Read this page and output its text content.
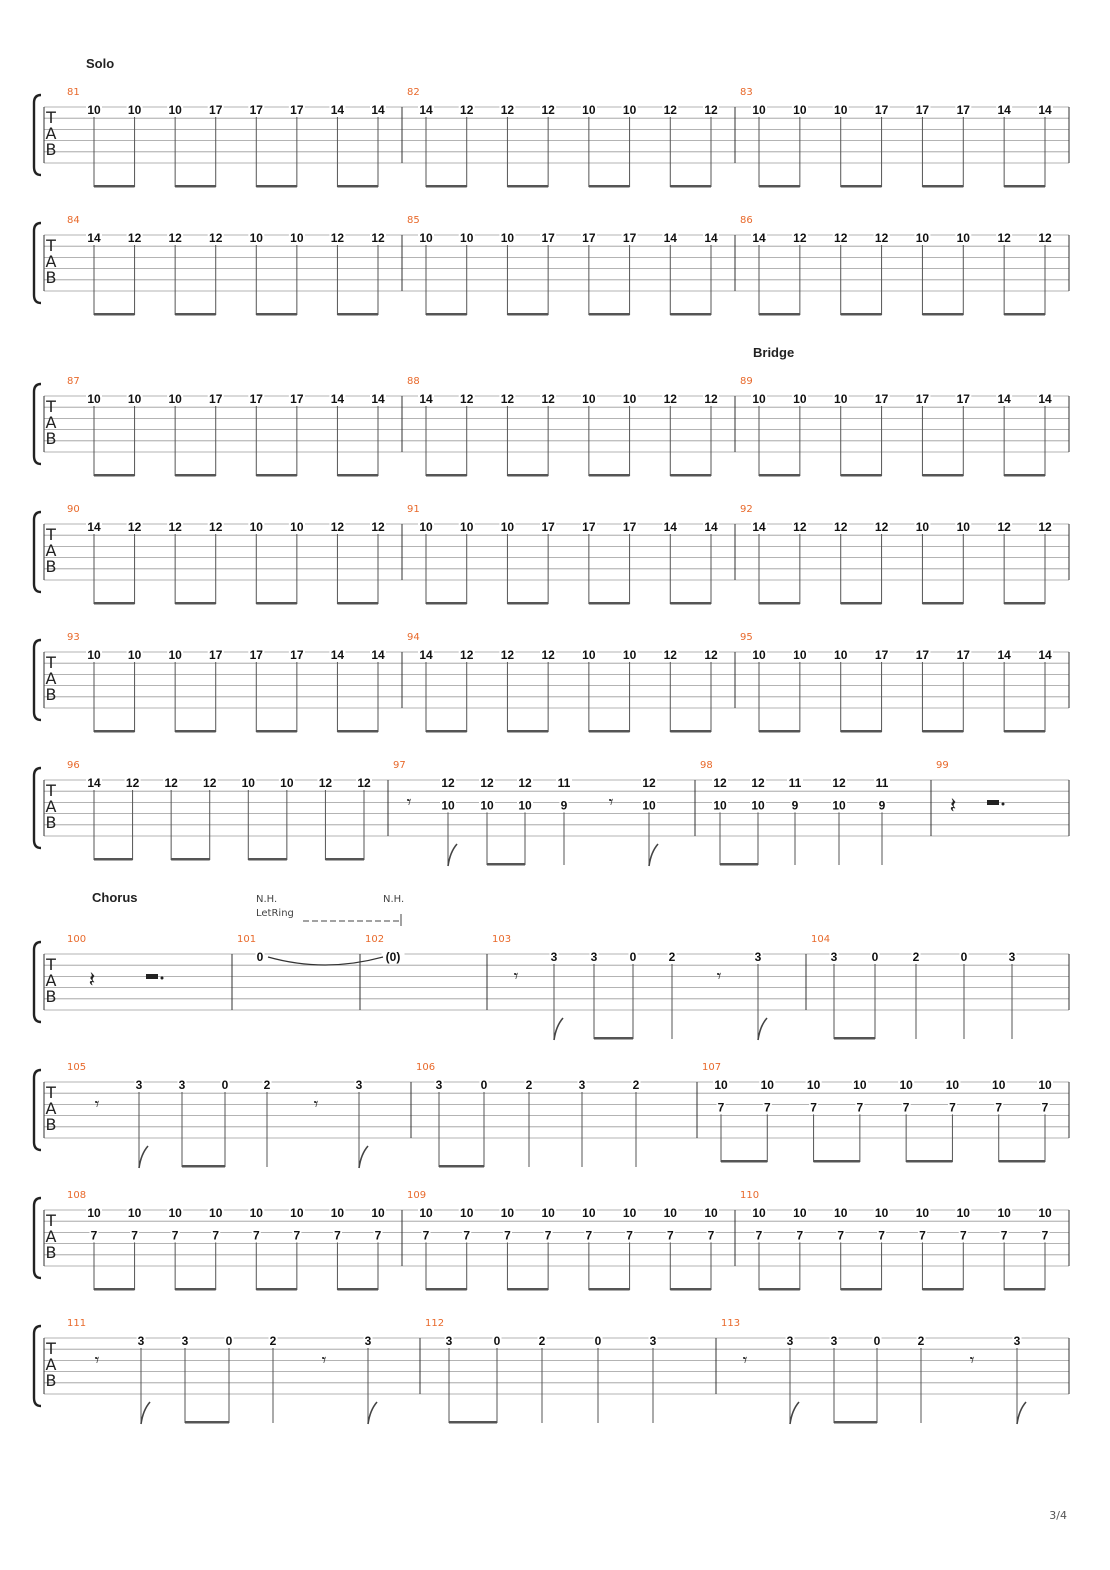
T
A
B
81
10 10 10 17 17 17 14 14
82
14 12 12 12 10 10 12 12
83
10 10 10 17 17 17 14 14
T
A
B
84
14 12 12 12 10 10 12 12
85
10 10 10 17 17 17 14 14
86
14 12 12 12 10 10 12 12
T
A
B
87
10 10 10 17 17 17 14 14
88
14 12 12 12 10 10 12 12
89
10 10 10 17 17 17 14 14
T
A
B
90
14 12 12 12 10 10 12 12
91
10 10 10 17 17 17 14 14
92
14 12 12 12 10 10 12 12
T
A
B
93
10 10 10 17 17 17 14 14
94
14 12 12 12 10 10 12 12
95
10 10 10 17 17 17 14 14
T
A
B
96
14 12 12 12 10 10 12 12
97
𝄾
12
10
12
10
12
10
11
9 𝄾
12
10
98
12
10
12
10
11
9
12
10
11
9
99
𝄽
T
A
B
100
𝄽
101
0
102
(0)
103
𝄾
3	3	0	2
𝄾
3
104
3	0	2	0	3
T
A
B
105
𝄾
3	3	0	2
𝄾
3
106
3	0	2	3	2
107
10
7
10
7
10
7
10
7
10
7
10
7
10
7
10
7
T
A
B
108
10
7
10
7
10
7
10
7
10
7
10
7
10
7
10
7
109
10
7
10
7
10
7
10
7
10
7
10
7
10
7
10
7
110
10
7
10
7
10
7
10
7
10
7
10
7
10
7
10
7
T
A
B
111
𝄾
3	3	0	2
𝄾
3
112
3	0	2	0	3
113
𝄾
3	3	0	2
𝄾
3
Solo
Bridge
Chorus	N.H.
LetRing
N.H.
3/4
